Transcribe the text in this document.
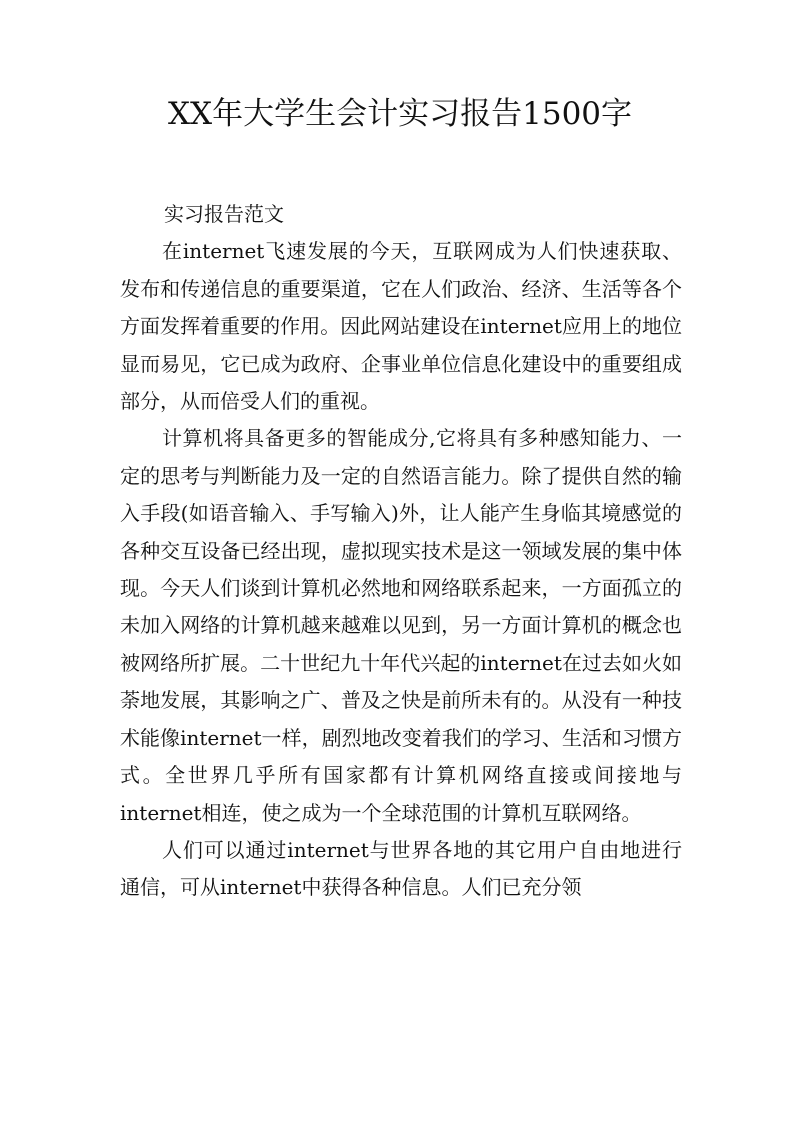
XX年大学生会计实习报告1500字

实习报告范文

在internet飞速发展的今天，互联网成为人们快速获取、发布和传递信息的重要渠道，它在人们政治、经济、生活等各个方面发挥着重要的作用。因此网站建设在internet应用上的地位显而易见，它已成为政府、企事业单位信息化建设中的重要组成部分，从而倍受人们的重视。

计算机将具备更多的智能成分,它将具有多种感知能力、一定的思考与判断能力及一定的自然语言能力。除了提供自然的输入手段(如语音输入、手写输入)外，让人能产生身临其境感觉的各种交互设备已经出现，虚拟现实技术是这一领域发展的集中体现。今天人们谈到计算机必然地和网络联系起来，一方面孤立的未加入网络的计算机越来越难以见到，另一方面计算机的概念也被网络所扩展。二十世纪九十年代兴起的internet在过去如火如荼地发展，其影响之广、普及之快是前所未有的。从没有一种技术能像internet一样，剧烈地改变着我们的学习、生活和习惯方式。全世界几乎所有国家都有计算机网络直接或间接地与internet相连，使之成为一个全球范围的计算机互联网络。

人们可以通过internet与世界各地的其它用户自由地进行通信，可从internet中获得各种信息。人们已充分领
